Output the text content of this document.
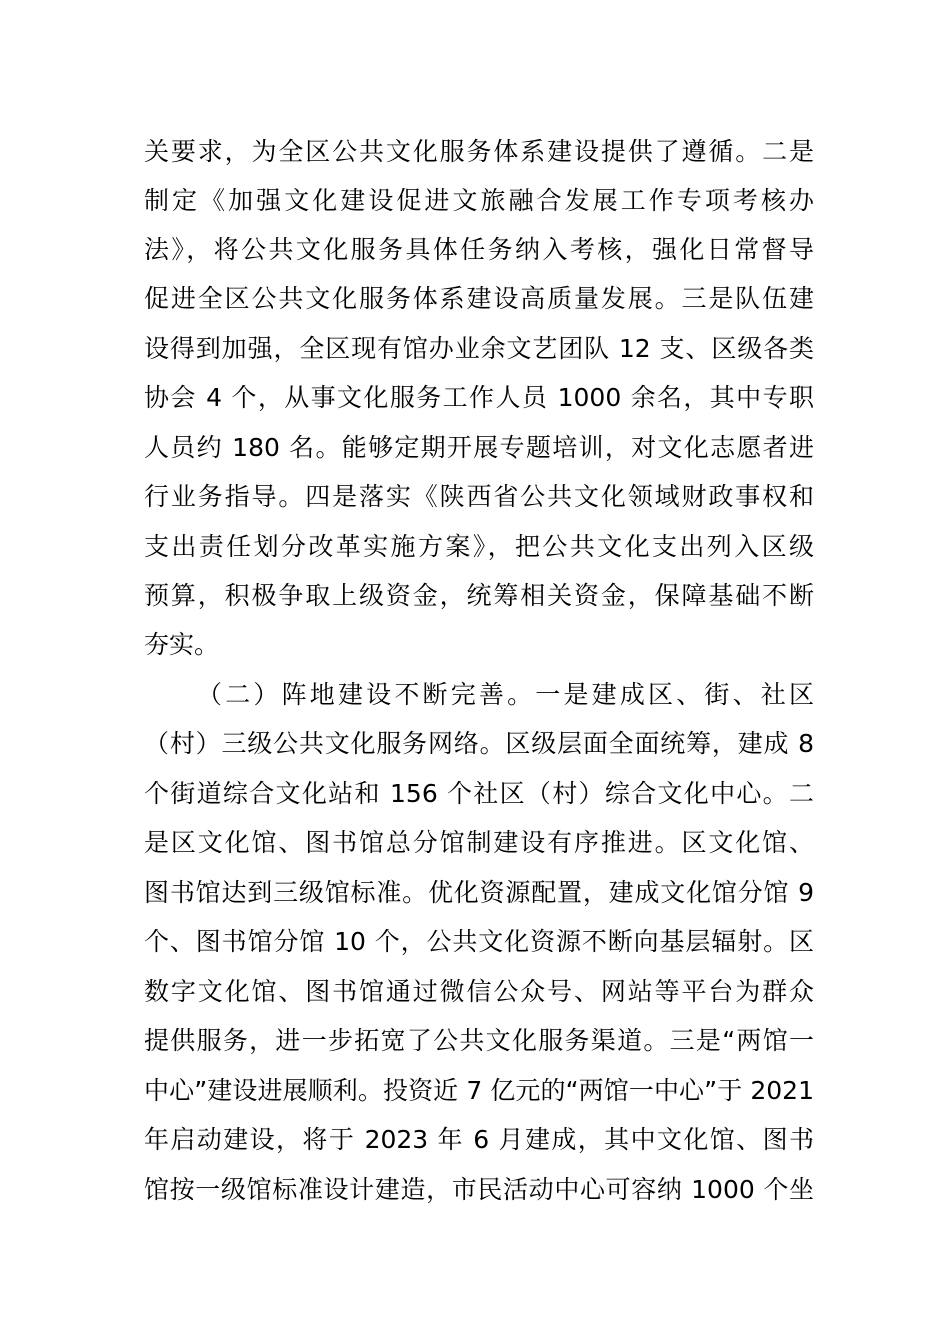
关要求，为全区公共文化服务体系建设提供了遵循。二是
制定《加强文化建设促进文旅融合发展工作专项考核办
法》，将公共文化服务具体任务纳入考核，强化日常督导
促进全区公共文化服务体系建设高质量发展。三是队伍建
设得到加强，全区现有馆办业余文艺团队 12 支、区级各类
协会 4 个，从事文化服务工作人员 1000 余名，其中专职
人员约 180 名。能够定期开展专题培训，对文化志愿者进
行业务指导。四是落实《陕西省公共文化领域财政事权和
支出责任划分改革实施方案》，把公共文化支出列入区级
预算，积极争取上级资金，统筹相关资金，保障基础不断
夯实。
（二）阵地建设不断完善。一是建成区、街、社区
（村）三级公共文化服务网络。区级层面全面统筹，建成 8
个街道综合文化站和 156 个社区（村）综合文化中心。二
是区文化馆、图书馆总分馆制建设有序推进。区文化馆、
图书馆达到三级馆标准。优化资源配置，建成文化馆分馆 9
个、图书馆分馆 10 个，公共文化资源不断向基层辐射。区
数字文化馆、图书馆通过微信公众号、网站等平台为群众
提供服务，进一步拓宽了公共文化服务渠道。三是“两馆一
中心”建设进展顺利。投资近 7 亿元的“两馆一中心”于 2021
年启动建设，将于 2023 年 6 月建成，其中文化馆、图书
馆按一级馆标准设计建造，市民活动中心可容纳 1000 个坐
